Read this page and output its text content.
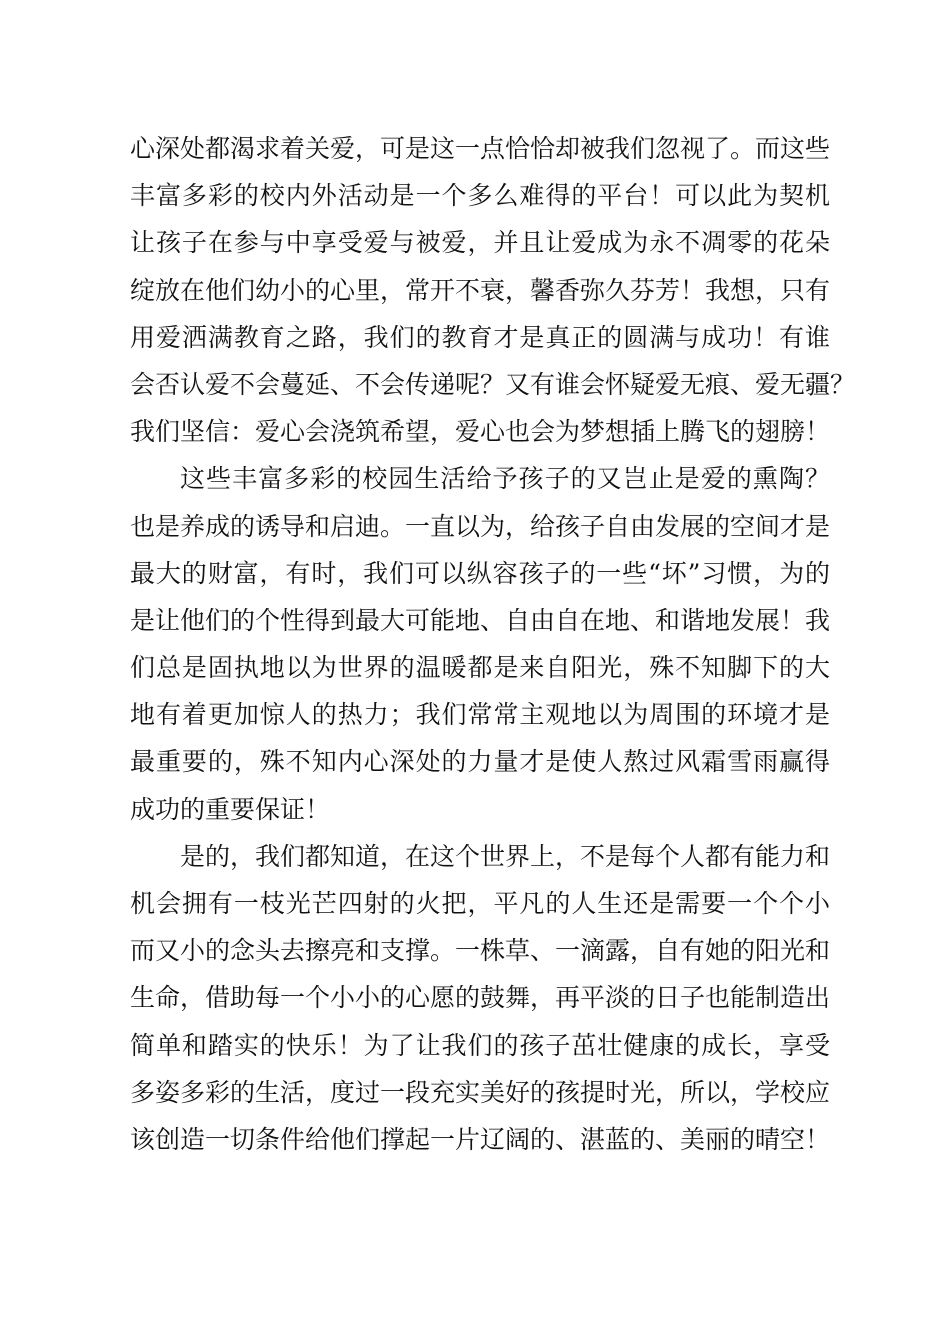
心深处都渴求着关爱，可是这一点恰恰却被我们忽视了。而这些
丰富多彩的校内外活动是一个多么难得的平台！可以此为契机
让孩子在参与中享受爱与被爱，并且让爱成为永不凋零的花朵
绽放在他们幼小的心里，常开不衰，馨香弥久芬芳！我想，只有
用爱洒满教育之路，我们的教育才是真正的圆满与成功！有谁
会否认爱不会蔓延、不会传递呢？又有谁会怀疑爱无痕、爱无疆？
我们坚信：爱心会浇筑希望，爱心也会为梦想插上腾飞的翅膀！
这些丰富多彩的校园生活给予孩子的又岂止是爱的熏陶？
也是养成的诱导和启迪。一直以为，给孩子自由发展的空间才是
最大的财富，有时，我们可以纵容孩子的一些“坏”习惯，为的
是让他们的个性得到最大可能地、自由自在地、和谐地发展！我
们总是固执地以为世界的温暖都是来自阳光，殊不知脚下的大
地有着更加惊人的热力；我们常常主观地以为周围的环境才是
最重要的，殊不知内心深处的力量才是使人熬过风霜雪雨赢得
成功的重要保证！
是的，我们都知道，在这个世界上，不是每个人都有能力和
机会拥有一枝光芒四射的火把，平凡的人生还是需要一个个小
而又小的念头去擦亮和支撑。一株草、一滴露，自有她的阳光和
生命，借助每一个小小的心愿的鼓舞，再平淡的日子也能制造出
简单和踏实的快乐！为了让我们的孩子茁壮健康的成长，享受
多姿多彩的生活，度过一段充实美好的孩提时光，所以，学校应
该创造一切条件给他们撑起一片辽阔的、湛蓝的、美丽的晴空！
